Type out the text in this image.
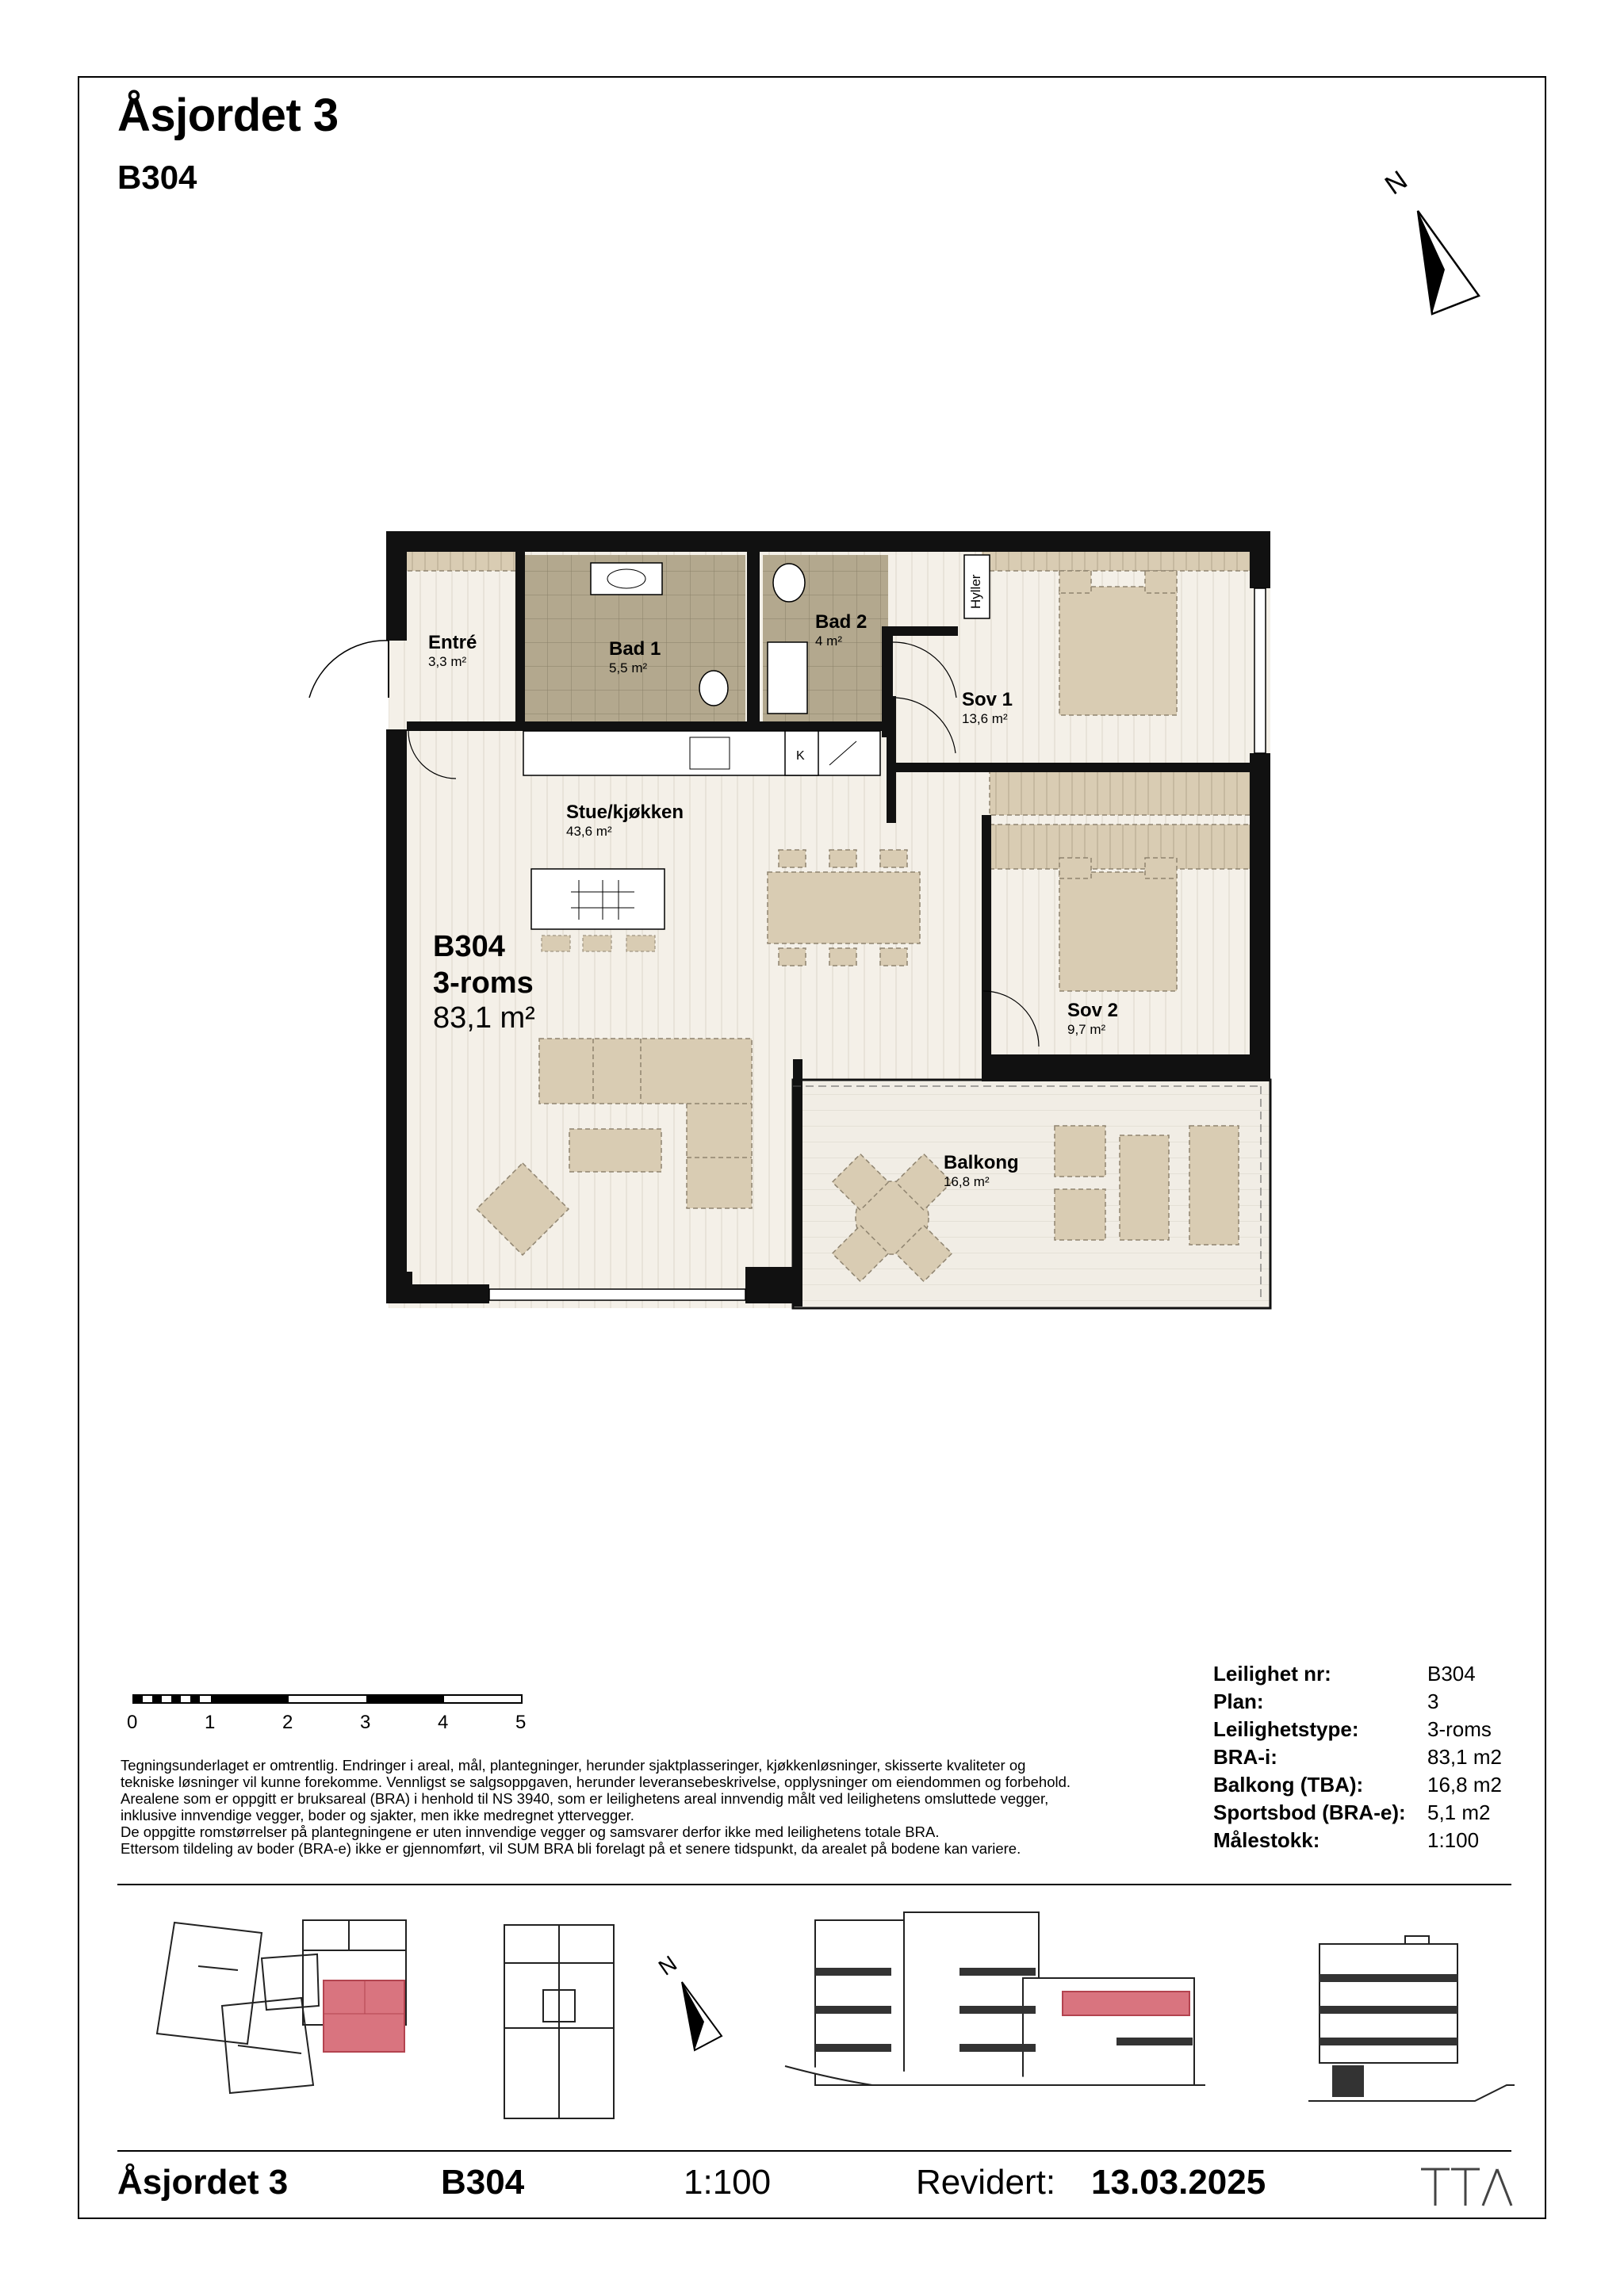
Åsjordet 3
B304	N
K
Entré	Bad 1
Bad 2
Sov 1
Stue/kjøkken
Sov 2
Balkong
3,3 m²	5,5 m²
4 m²
13,6 m²
43,6 m²
9,7 m²
16,8 m²
Hyller
B304
3-roms
83,1 m²
0	1	2	3	4	5
Tegningsunderlaget er omtrentlig. Endringer i areal, mål, plantegninger, herunder sjaktplasseringer, kjøkkenløsninger, skisserte kvaliteter og
tekniske løsninger vil kunne forekomme. Vennligst se salgsoppgaven, herunder leveransebeskrivelse, opplysninger om eiendommen og forbehold.
Arealene som er oppgitt er bruksareal (BRA) i henhold til NS 3940, som er leilighetens areal innvendig målt ved leilighetens omsluttede vegger,
inklusive innvendige vegger, boder og sjakter, men ikke medregnet yttervegger.
De oppgitte romstørrelser på plantegningene er uten innvendige vegger og samsvarer derfor ikke med leilighetens totale BRA.
Ettersom tildeling av boder (BRA-e) ikke er gjennomført, vil SUM BRA bli forelagt på et senere tidspunkt, da arealet på bodene kan variere.
Leilighet nr:	B304
Plan:	3
Leilighetstype:	3-roms
BRA-i:	83,1 m2
Balkong (TBA):	16,8 m2
Sportsbod (BRA-e):	5,1 m2
Målestokk:	1:100
N
Åsjordet 3	B304	1:100	Revidert: 13.03.2025
